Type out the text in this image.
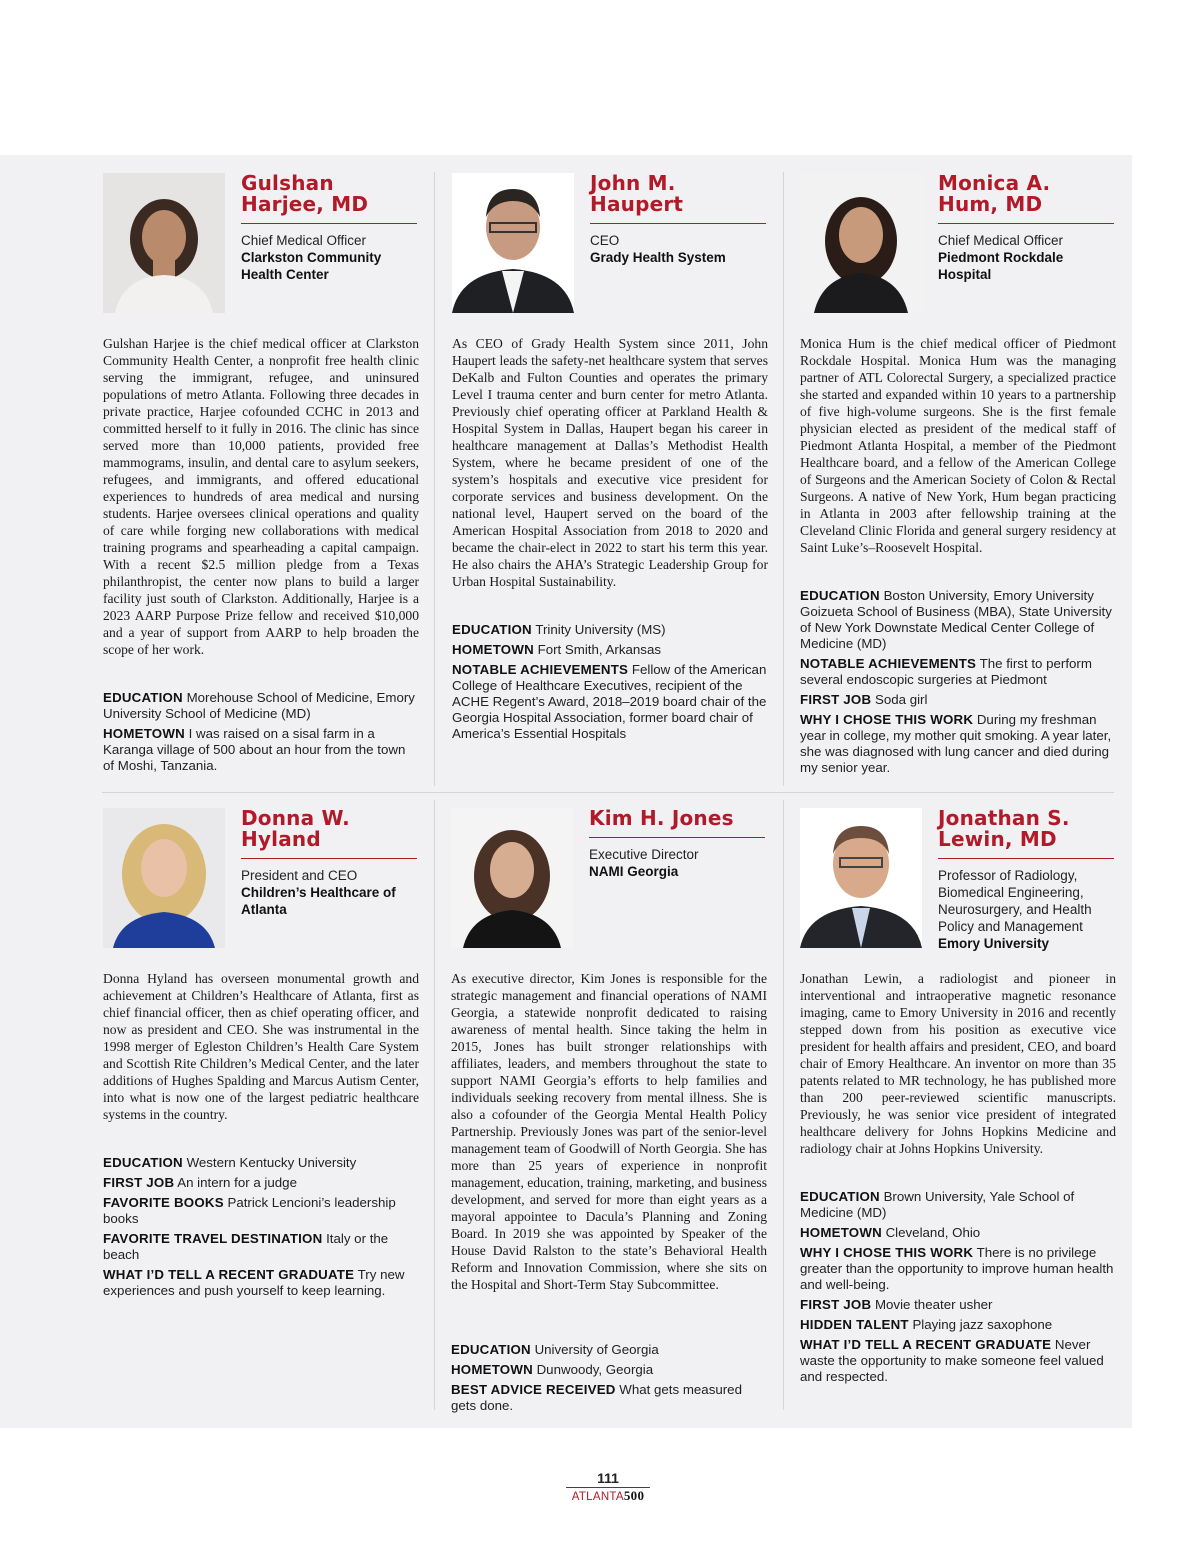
Gulshan Harjee, MD
Chief Medical Officer
Clarkston Community Health Center

Gulshan Harjee is the chief medical officer at Clarkston Community Health Center, a nonprofit free health clinic serving the immigrant, refugee, and uninsured populations of metro Atlanta. Following three decades in private practice, Harjee cofounded CCHC in 2013 and committed herself to it fully in 2016. The clinic has since served more than 10,000 patients, provided free mammograms, insulin, and dental care to asylum seekers, refugees, and immigrants, and offered educational experiences to hundreds of area medical and nursing students. Harjee oversees clinical operations and quality of care while forging new collaborations with medical training programs and spearheading a capital campaign. With a recent $2.5 million pledge from a Texas philanthropist, the center now plans to build a larger facility just south of Clarkston. Additionally, Harjee is a 2023 AARP Purpose Prize fellow and received $10,000 and a year of support from AARP to help broaden the scope of her work.

EDUCATION Morehouse School of Medicine, Emory University School of Medicine (MD)
HOMETOWN I was raised on a sisal farm in a Karanga village of 500 about an hour from the town of Moshi, Tanzania.
John M. Haupert
CEO
Grady Health System

As CEO of Grady Health System since 2011, John Haupert leads the safety-net healthcare system that serves DeKalb and Fulton Counties and operates the primary Level I trauma center and burn center for metro Atlanta. Previously chief operating officer at Parkland Health & Hospital System in Dallas, Haupert began his career in healthcare management at Dallas’s Methodist Health System, where he became president of one of the system’s hospitals and executive vice president for corporate services and business development. On the national level, Haupert served on the board of the American Hospital Association from 2018 to 2020 and became the chair-elect in 2022 to start his term this year. He also chairs the AHA’s Strategic Leadership Group for Urban Hospital Sustainability.

EDUCATION Trinity University (MS)
HOMETOWN Fort Smith, Arkansas
NOTABLE ACHIEVEMENTS Fellow of the American College of Healthcare Executives, recipient of the ACHE Regent’s Award, 2018–2019 board chair of the Georgia Hospital Association, former board chair of America’s Essential Hospitals
Monica A. Hum, MD
Chief Medical Officer
Piedmont Rockdale Hospital

Monica Hum is the chief medical officer of Piedmont Rockdale Hospital. Monica Hum was the managing partner of ATL Colorectal Surgery, a specialized practice she started and expanded within 10 years to a partnership of five high-volume surgeons. She is the first female physician elected as president of the medical staff of Piedmont Atlanta Hospital, a member of the Piedmont Healthcare board, and a fellow of the American College of Surgeons and the American Society of Colon & Rectal Surgeons. A native of New York, Hum began practicing in Atlanta in 2003 after fellowship training at the Cleveland Clinic Florida and general surgery residency at Saint Luke’s–Roosevelt Hospital.

EDUCATION Boston University, Emory University Goizueta School of Business (MBA), State University of New York Downstate Medical Center College of Medicine (MD)
NOTABLE ACHIEVEMENTS The first to perform several endoscopic surgeries at Piedmont
FIRST JOB Soda girl
WHY I CHOSE THIS WORK During my freshman year in college, my mother quit smoking. A year later, she was diagnosed with lung cancer and died during my senior year.
Donna W. Hyland
President and CEO
Children’s Healthcare of Atlanta

Donna Hyland has overseen monumental growth and achievement at Children’s Healthcare of Atlanta, first as chief financial officer, then as chief operating officer, and now as president and CEO. She was instrumental in the 1998 merger of Egleston Children’s Health Care System and Scottish Rite Children’s Medical Center, and the later additions of Hughes Spalding and Marcus Autism Center, into what is now one of the largest pediatric healthcare systems in the country.

EDUCATION Western Kentucky University
FIRST JOB An intern for a judge
FAVORITE BOOKS Patrick Lencioni’s leadership books
FAVORITE TRAVEL DESTINATION Italy or the beach
WHAT I’D TELL A RECENT GRADUATE Try new experiences and push yourself to keep learning.
Kim H. Jones
Executive Director
NAMI Georgia

As executive director, Kim Jones is responsible for the strategic management and financial operations of NAMI Georgia, a statewide nonprofit dedicated to raising awareness of mental health. Since taking the helm in 2015, Jones has built stronger relationships with affiliates, leaders, and members throughout the state to support NAMI Georgia’s efforts to help families and individuals seeking recovery from mental illness. She is also a cofounder of the Georgia Mental Health Policy Partnership. Previously Jones was part of the senior-level management team of Goodwill of North Georgia. She has more than 25 years of experience in nonprofit management, education, training, marketing, and business development, and served for more than eight years as a mayoral appointee to Dacula’s Planning and Zoning Board. In 2019 she was appointed by Speaker of the House David Ralston to the state’s Behavioral Health Reform and Innovation Commission, where she sits on the Hospital and Short-Term Stay Subcommittee.

EDUCATION University of Georgia
HOMETOWN Dunwoody, Georgia
BEST ADVICE RECEIVED What gets measured gets done.
Jonathan S. Lewin, MD
Professor of Radiology, Biomedical Engineering, Neurosurgery, and Health Policy and Management
Emory University

Jonathan Lewin, a radiologist and pioneer in interventional and intraoperative magnetic resonance imaging, came to Emory University in 2016 and recently stepped down from his position as executive vice president for health affairs and president, CEO, and board chair of Emory Healthcare. An inventor on more than 35 patents related to MR technology, he has published more than 200 peer-reviewed scientific manuscripts. Previously, he was senior vice president of integrated healthcare delivery for Johns Hopkins Medicine and radiology chair at Johns Hopkins University.

EDUCATION Brown University, Yale School of Medicine (MD)
HOMETOWN Cleveland, Ohio
WHY I CHOSE THIS WORK There is no privilege greater than the opportunity to improve human health and well-being.
FIRST JOB Movie theater usher
HIDDEN TALENT Playing jazz saxophone
WHAT I’D TELL A RECENT GRADUATE Never waste the opportunity to make someone feel valued and respected.
111
ATLANTA500
